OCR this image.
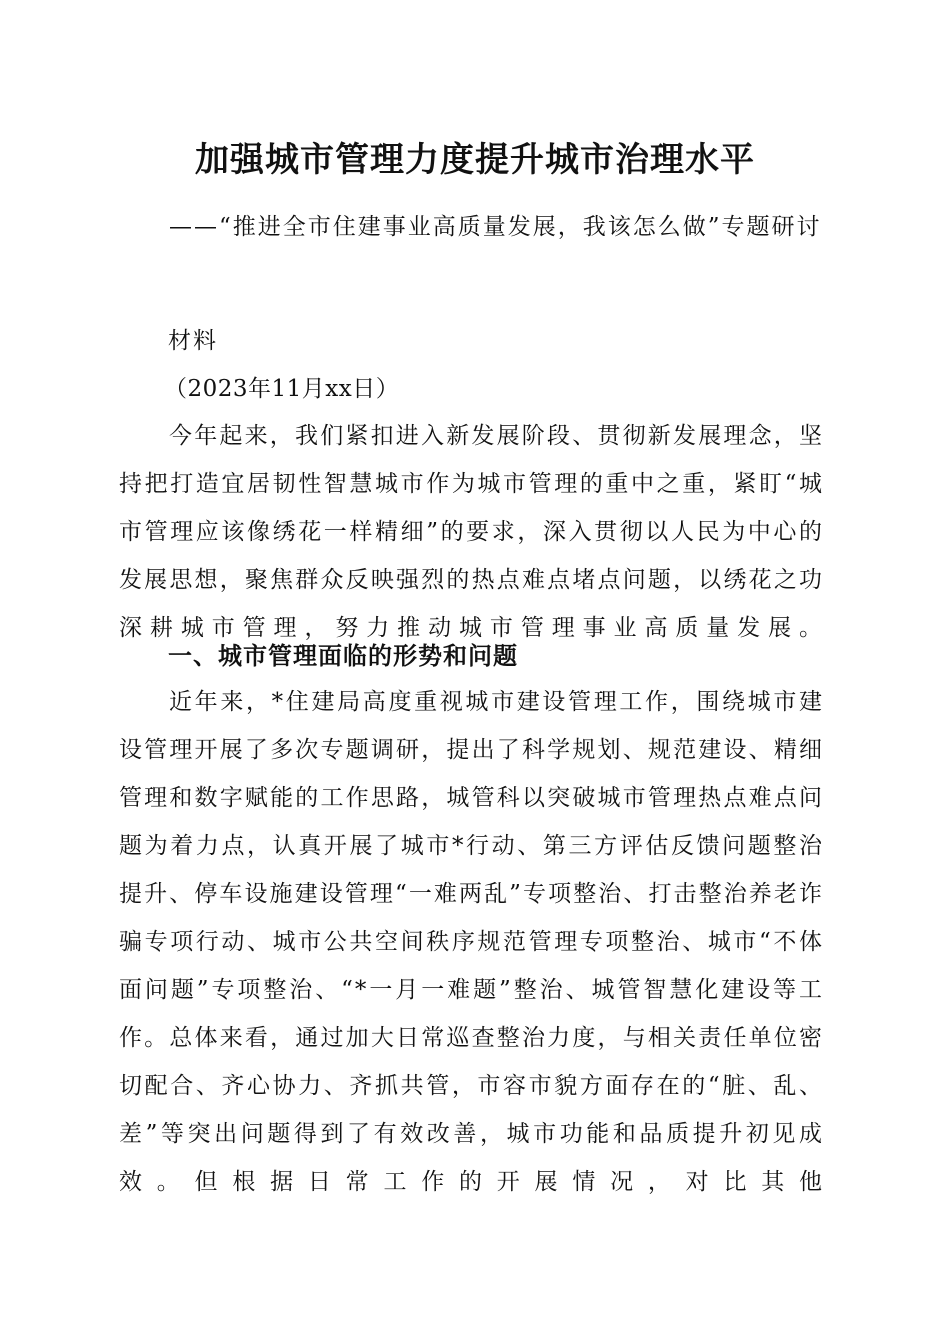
加强城市管理力度提升城市治理水平
——“推进全市住建事业高质量发展，我该怎么做”专题研讨
材料
（2023年11月xx日）
今年起来，我们紧扣进入新发展阶段、贯彻新发展理念，坚持把打造宜居韧性智慧城市作为城市管理的重中之重，紧盯“城市管理应该像绣花一样精细”的要求，深入贯彻以人民为中心的发展思想，聚焦群众反映强烈的热点难点堵点问题，以绣花之功深耕城市管理，努力推动城市管理事业高质量发展。
一、城市管理面临的形势和问题
近年来，*住建局高度重视城市建设管理工作，围绕城市建设管理开展了多次专题调研，提出了科学规划、规范建设、精细管理和数字赋能的工作思路，城管科以突破城市管理热点难点问题为着力点，认真开展了城市*行动、第三方评估反馈问题整治提升、停车设施建设管理“一难两乱”专项整治、打击整治养老诈骗专项行动、城市公共空间秩序规范管理专项整治、城市“不体面问题”专项整治、“*一月一难题”整治、城管智慧化建设等工作。总体来看，通过加大日常巡查整治力度，与相关责任单位密切配合、齐心协力、齐抓共管，市容市貌方面存在的“脏、乱、差”等突出问题得到了有效改善，城市功能和品质提升初见成效。但根据日常工作的开展情况，对比其他
